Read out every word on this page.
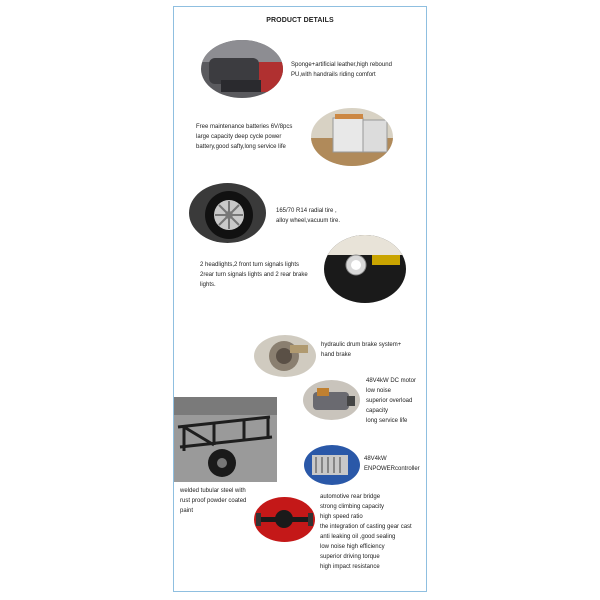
PRODUCT DETAILS
Sponge+artificial leather,high rebound
PU,with handrails riding comfort
Free maintenance batteries 6V/8pcs
large capacity deep cycle power
battery,good safty,long service life
165/70 R14 radial tire ,
alloy wheel,vacuum tire.
2 headlights,2 front turn signals lights
2rear turn signals lights and 2 rear brake
lights.
hydraulic drum brake system+
hand brake
48V4kW DC motor
low noise
superior overload
capacity
long service life
welded tubular steel with
rust proof powder coated
paint
48V4kW
ENPOWERcontroller
automotive rear bridge
strong climbing capacity
high speed ratio
the integration of casting gear cast
anti leaking oil ,good sealing
low noise high efficiency
superior driving torque
high impact resistance
